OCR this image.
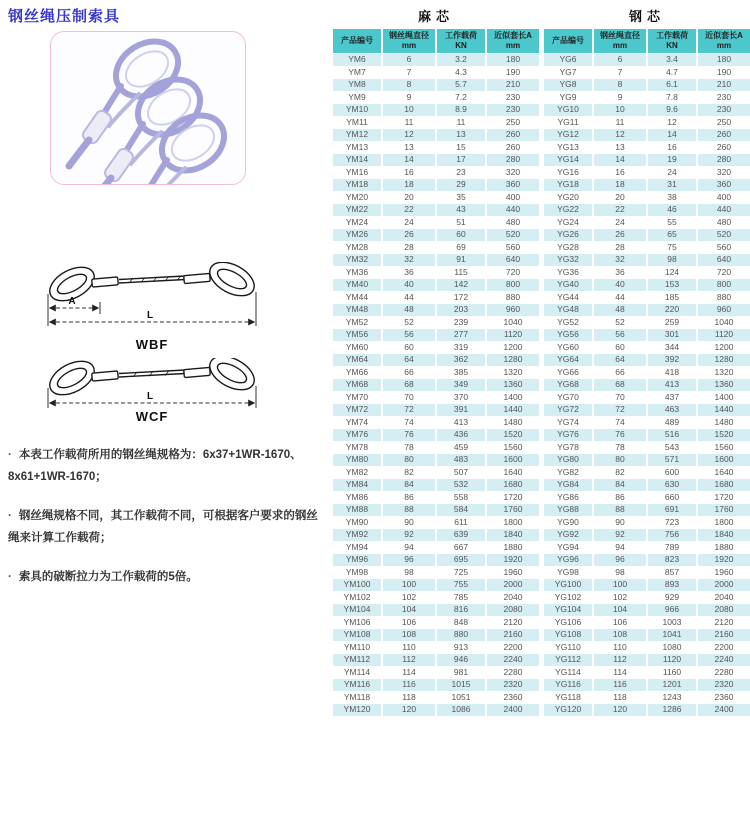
钢丝绳压制索具
A
L
WBF
L
WCF

· 本表工作载荷所用的钢丝绳规格为：6x37+1WR-1670、8x61+1WR-1670；

· 钢丝绳规格不同，其工作载荷不同，可根据客户要求的钢丝绳来计算工作载荷；

· 索具的破断拉力为工作载荷的5倍。

麻芯
产品编号

钢丝绳直径
mm

工作载荷
KN

近似套长A
mm

YM6	6	3.2	180
YM7	7	4.3	190
YM8	8	5.7	210
YM9	9	7.2	230
YM10	10	8.9	230
YM11	11	11	250
YM12	12	13	260
YM13	13	15	260
YM14	14	17	280
YM16	16	23	320
YM18	18	29	360
YM20	20	35	400
YM22	22	43	440
YM24	24	51	480
YM26	26	60	520
YM28	28	69	560
YM32	32	91	640
YM36	36	115	720
YM40	40	142	800
YM44	44	172	880
YM48	48	203	960
YM52	52	239	1040
YM56	56	277	1120
YM60	60	319	1200
YM64	64	362	1280
YM66	66	385	1320
YM68	68	349	1360
YM70	70	370	1400
YM72	72	391	1440
YM74	74	413	1480
YM76	76	436	1520
YM78	78	459	1560
YM80	80	483	1600
YM82	82	507	1640
YM84	84	532	1680
YM86	86	558	1720
YM88	88	584	1760
YM90	90	611	1800
YM92	92	639	1840
YM94	94	667	1880
YM96	96	695	1920
YM98	98	725	1960
YM100	100	755	2000
YM102	102	785	2040
YM104	104	816	2080
YM106	106	848	2120
YM108	108	880	2160
YM110	110	913	2200
YM112	112	946	2240
YM114	114	981	2280
YM116	116	1015	2320
YM118	118	1051	2360
YM120	120	1086	2400
钢芯
产品编号

钢丝绳直径
mm

工作载荷
KN

近似套长A
mm

YG6	6	3.4	180
YG7	7	4.7	190
YG8	8	6.1	210
YG9	9	7.8	230
YG10	10	9.6	230
YG11	11	12	250
YG12	12	14	260
YG13	13	16	260
YG14	14	19	280
YG16	16	24	320
YG18	18	31	360
YG20	20	38	400
YG22	22	46	440
YG24	24	55	480
YG26	26	65	520
YG28	28	75	560
YG32	32	98	640
YG36	36	124	720
YG40	40	153	800
YG44	44	185	880
YG48	48	220	960
YG52	52	259	1040
YG56	56	301	1120
YG60	60	344	1200
YG64	64	392	1280
YG66	66	418	1320
YG68	68	413	1360
YG70	70	437	1400
YG72	72	463	1440
YG74	74	489	1480
YG76	76	516	1520
YG78	78	543	1560
YG80	80	571	1600
YG82	82	600	1640
YG84	84	630	1680
YG86	86	660	1720
YG88	88	691	1760
YG90	90	723	1800
YG92	92	756	1840
YG94	94	789	1880
YG96	96	823	1920
YG98	98	857	1960
YG100	100	893	2000
YG102	102	929	2040
YG104	104	966	2080
YG106	106	1003	2120
YG108	108	1041	2160
YG110	110	1080	2200
YG112	112	1120	2240
YG114	114	1160	2280
YG116	116	1201	2320
YG118	118	1243	2360
YG120	120	1286	2400
